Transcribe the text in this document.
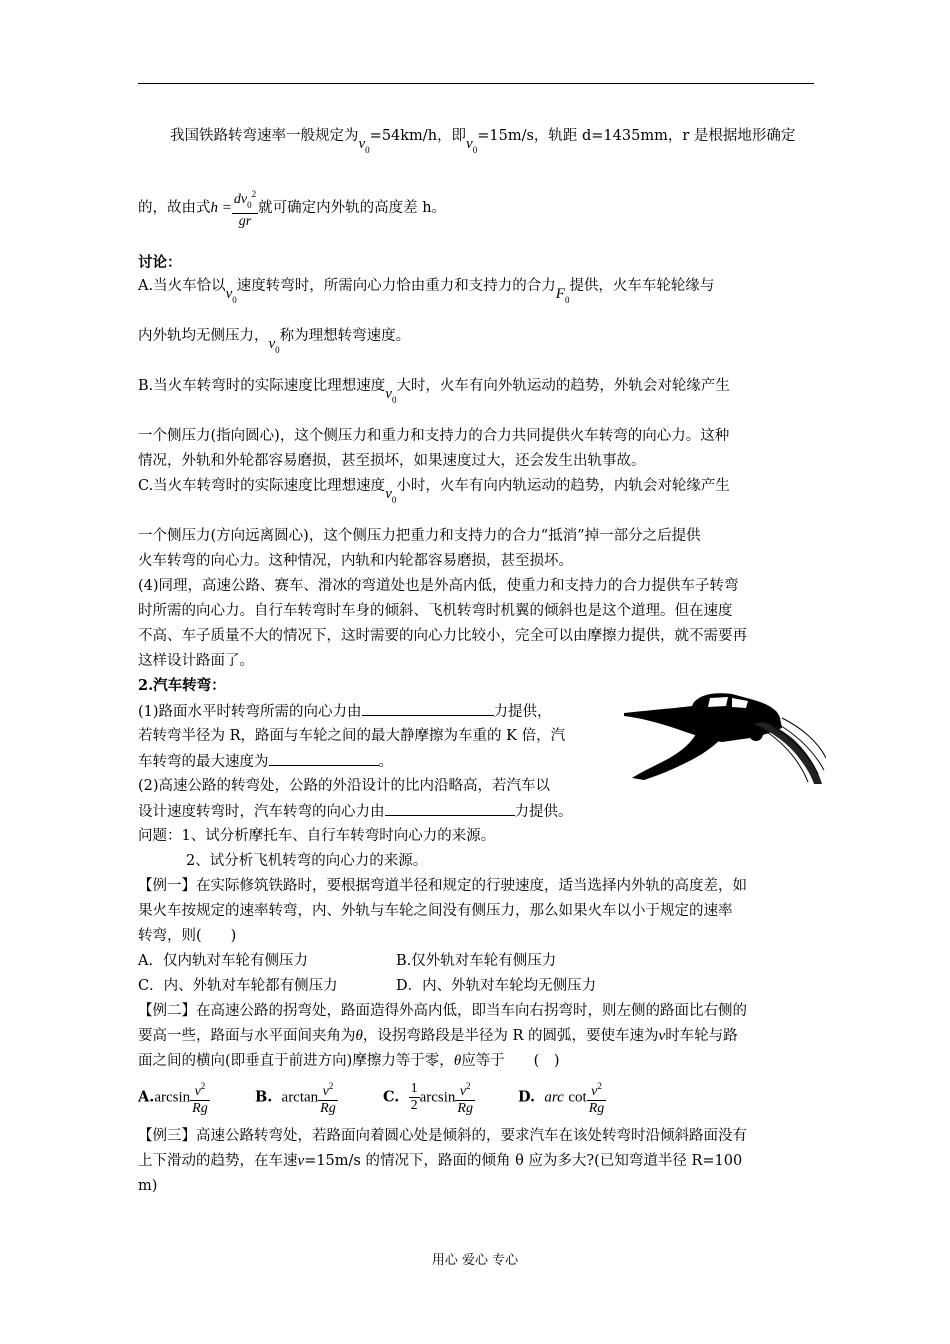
我国铁路转弯速率一般规定为$v_0=54km/h$，即$v_0=15m/s$，轨距 d=1435mm，r 是根据地形确定
的，故由式$h = \frac{dv_0^2}{gr}$ 就可确定内外轨的高度差 h。
讨论：
A.当火车恰以$v_0$速度转弯时，所需向心力恰由重力和支持力的合力$F_0$提供，火车车轮轮缘与
内外轨均无侧压力，$v_0$称为理想转弯速度。
B.当火车转弯时的实际速度比理想速度$v_0$大时，火车有向外轨运动的趋势，外轨会对轮缘产生
一个侧压力(指向圆心)，这个侧压力和重力和支持力的合力共同提供火车转弯的向心力。这种
情况，外轨和外轮都容易磨损，甚至损坏，如果速度过大，还会发生出轨事故。
C.当火车转弯时的实际速度比理想速度$v_0$小时，火车有向内轨运动的趋势，内轨会对轮缘产生
一个侧压力(方向远离圆心)，这个侧压力把重力和支持力的合力“抵消”掉一部分之后提供
火车转弯的向心力。这种情况，内轨和内轮都容易磨损，甚至损坏。
(4)同理，高速公路、赛车、滑冰的弯道处也是外高内低，使重力和支持力的合力提供车子转弯
时所需的向心力。自行车转弯时车身的倾斜、飞机转弯时机翼的倾斜也是这个道理。但在速度
不高、车子质量不大的情况下，这时需要的向心力比较小，完全可以由摩擦力提供，就不需要再
这样设计路面了。
2.汽车转弯：
(1)路面水平时转弯所需的向心力由	力提供，
若转弯半径为 R，路面与车轮之间的最大静摩擦为车重的 K 倍，汽
车转弯的最大速度为	。
(2)高速公路的转弯处，公路的外沿设计的比内沿略高，若汽车以
设计速度转弯时，汽车转弯的向心力由	力提供。
问题：1、试分析摩托车、自行车转弯时向心力的来源。
2、试分析飞机转弯的向心力的来源。
【例一】在实际修筑铁路时，要根据弯道半径和规定的行驶速度，适当选择内外轨的高度差，如
果火车按规定的速率转弯，内、外轨与车轮之间没有侧压力，那么如果火车以小于规定的速率
转弯，则(　　)
A．仅内轨对车轮有侧压力	B.仅外轨对车轮有侧压力
C．内、外轨对车轮都有侧压力	D．内、外轨对车轮均无侧压力
【例二】在高速公路的拐弯处，路面造得外高内低，即当车向右拐弯时，则左侧的路面比右侧的
要高一些，路面与水平面间夹角为θ，设拐弯路段是半径为 R 的圆弧，要使车速为v时车轮与路
面之间的横向(即垂直于前进方向)摩擦力等于零，θ应等于　　(　)
$A.\arcsin \frac{v^2}{Rg}$	B. $\arctan \frac{v^2}{Rg}$	C. $\frac{1}{2}$ $\arcsin \frac{v^2}{Rg}$	D. arc $\cot \frac{v^2}{Rg}$
【例三】高速公路转弯处，若路面向着圆心处是倾斜的，要求汽车在该处转弯时沿倾斜路面没有
上下滑动的趋势，在车速v=15m/s 的情况下，路面的倾角 θ 应为多大?(已知弯道半径 R=100
m)
用心 爱心 专心
